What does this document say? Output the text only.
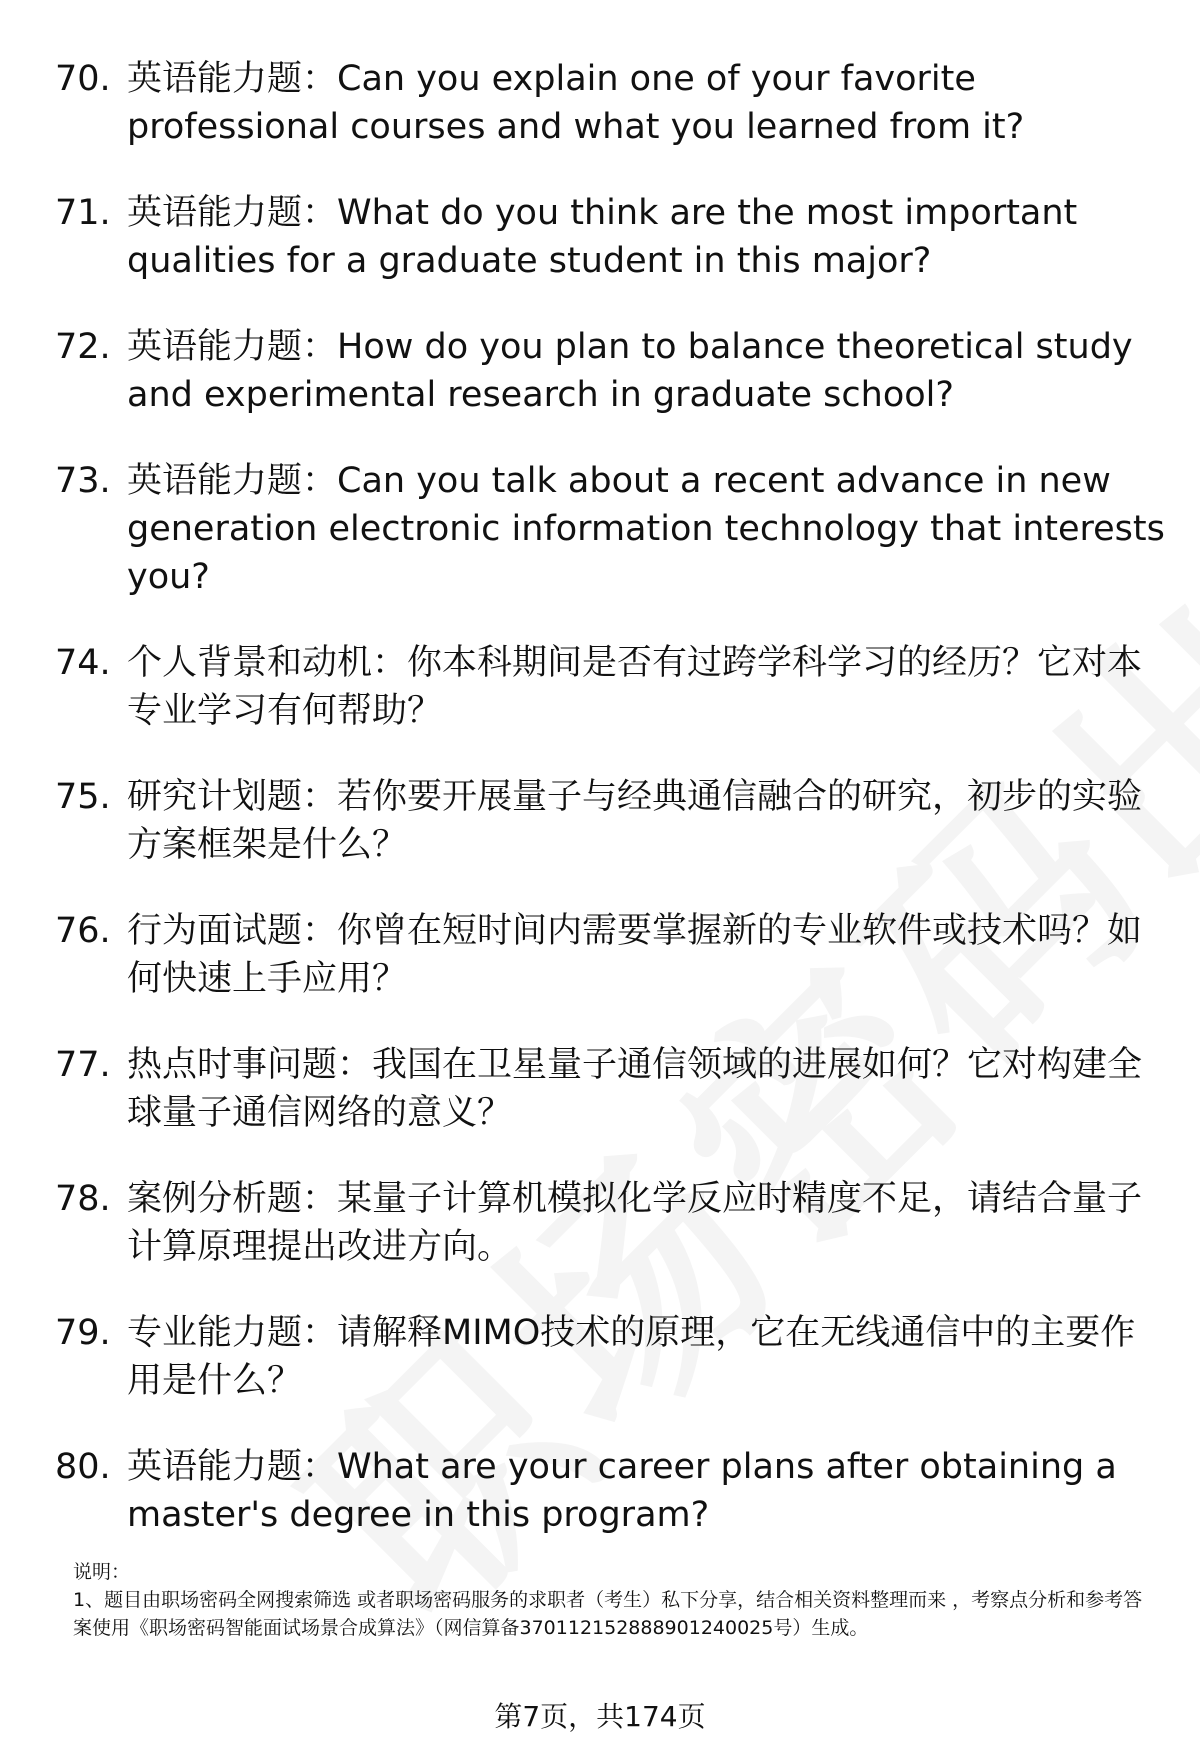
70. 英语能力题：Can you explain one of your favorite professional courses and what you learned from it?
71. 英语能力题：What do you think are the most important qualities for a graduate student in this major?
72. 英语能力题：How do you plan to balance theoretical study and experimental research in graduate school?
73. 英语能力题：Can you talk about a recent advance in new generation electronic information technology that interests you?
74. 个人背景和动机：你本科期间是否有过跨学科学习的经历？它对本专业学习有何帮助？
75. 研究计划题：若你要开展量子与经典通信融合的研究，初步的实验方案框架是什么？
76. 行为面试题：你曾在短时间内需要掌握新的专业软件或技术吗？如何快速上手应用？
77. 热点时事问题：我国在卫星量子通信领域的进展如何？它对构建全球量子通信网络的意义？
78. 案例分析题：某量子计算机模拟化学反应时精度不足，请结合量子计算原理提出改进方向。
79. 专业能力题：请解释MIMO技术的原理，它在无线通信中的主要作用是什么？
80. 英语能力题：What are your career plans after obtaining a master's degree in this program?
说明：
1、题目由职场密码全网搜索筛选 或者职场密码服务的求职者（考生）私下分享，结合相关资料整理而来 ，考察点分析和参考答案使用《职场密码智能面试场景合成算法》（网信算备370112152888901240025号）生成。
第7页，共174页
